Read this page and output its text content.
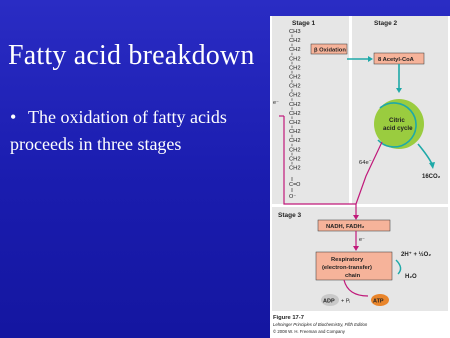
Fatty acid breakdown
• The oxidation of fatty acids
proceeds in three stages
Stage 1	Stage 2
Stage 3
CH3
CH2
CH2
CH2
CH2
CH2
CH2
CH2
CH2
CH2
CH2
CH2
CH2
CH2
CH2
CH2
C=O
O⁻
β Oxidation
8 Acetyl-CoA
Citric
acid cycle
16CO₂
e⁻
64e⁻
NADH, FADH₂
e⁻
Respiratory
(electron-transfer)
chain
2H⁺ + ½O₂
H₂O
ADP + Pᵢ	ATP
Figure 17-7
Lehninger Principles of Biochemistry, Fifth Edition
© 2008 W. H. Freeman and Company
